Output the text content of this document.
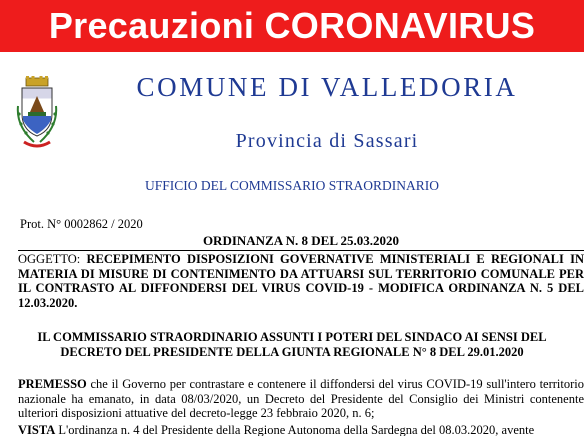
Precauzioni CORONAVIRUS
COMUNE DI VALLEDORIA
Provincia di Sassari
UFFICIO DEL COMMISSARIO STRAORDINARIO
Prot. N° 0002862 / 2020
ORDINANZA N. 8 DEL 25.03.2020
OGGETTO: RECEPIMENTO DISPOSIZIONI GOVERNATIVE MINISTERIALI E REGIONALI IN MATERIA DI MISURE DI CONTENIMENTO DA ATTUARSI SUL TERRITORIO COMUNALE PER IL CONTRASTO AL DIFFONDERSI DEL VIRUS COVID-19 - MODIFICA ORDINANZA N. 5 DEL 12.03.2020.
IL COMMISSARIO STRAORDINARIO ASSUNTI I POTERI DEL SINDACO AI SENSI DEL
DECRETO DEL PRESIDENTE DELLA GIUNTA REGIONALE N° 8 DEL 29.01.2020
PREMESSO che il Governo per contrastare e contenere il diffondersi del virus COVID-19 sull'intero territorio nazionale ha emanato, in data 08/03/2020, un Decreto del Presidente del Consiglio dei Ministri contenente ulteriori disposizioni attuative del decreto-legge 23 febbraio 2020, n. 6;
VISTA L'ordinanza n. 4 del Presidente della Regione Autonoma della Sardegna del 08.03.2020, avente
